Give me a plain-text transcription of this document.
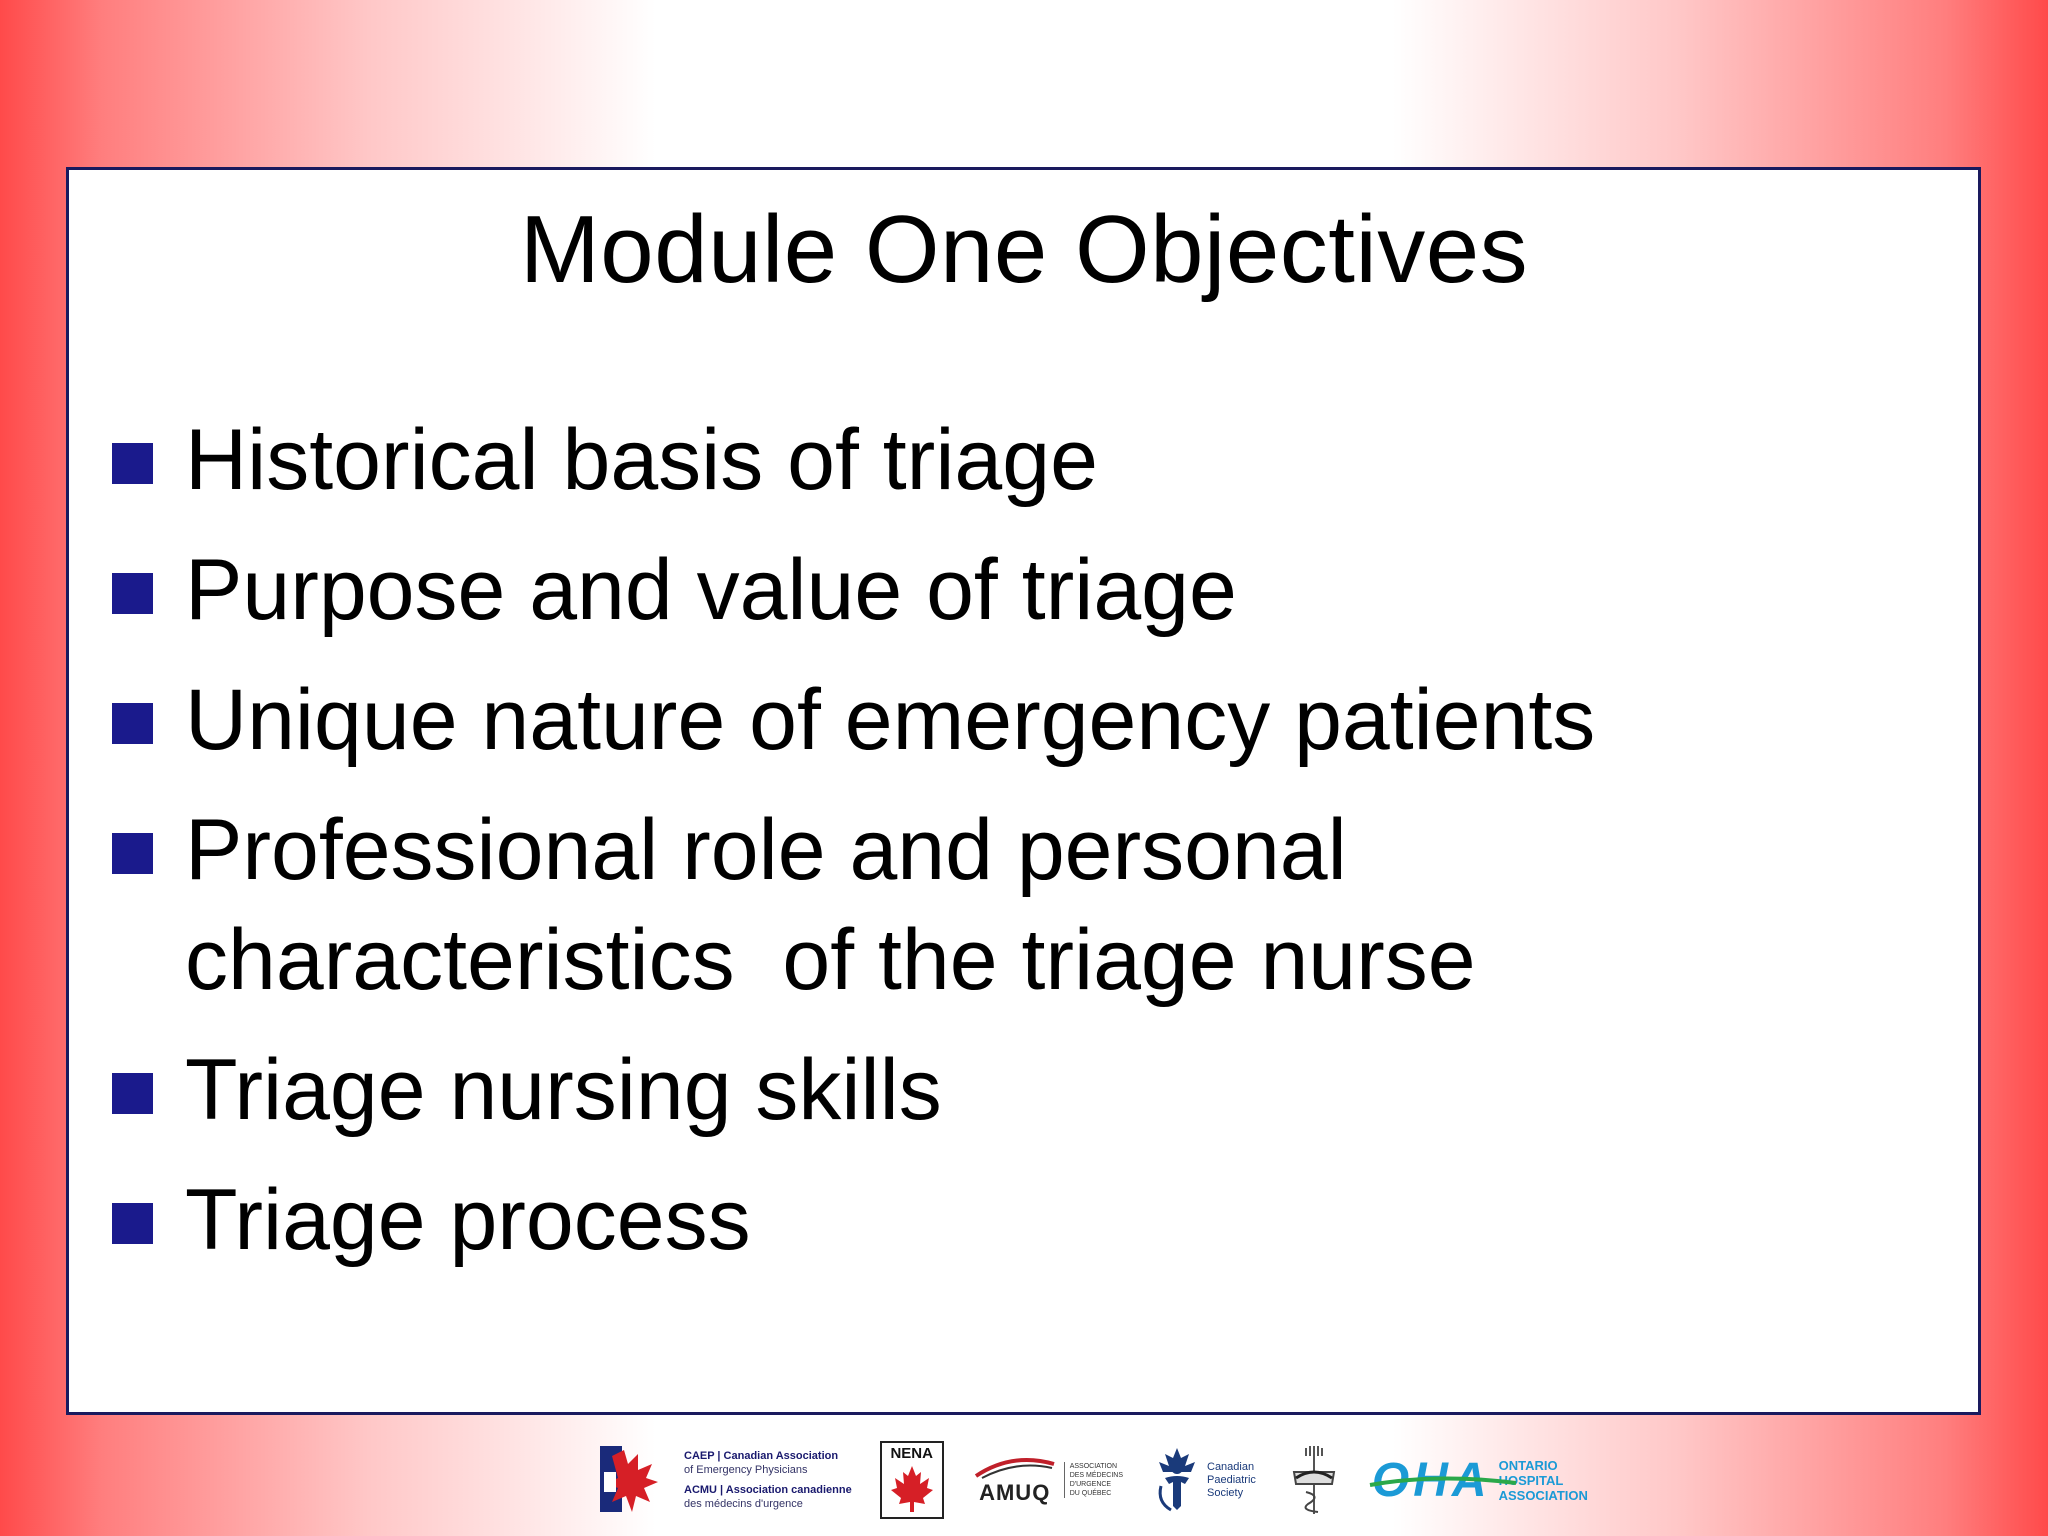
Module One Objectives
Historical basis of triage
Purpose and value of triage
Unique nature of emergency patients
Professional role and personal characteristics  of the triage nurse
Triage nursing skills
Triage process
CAEP | Canadian Association
of Emergency Physicians
ACMU | Association canadienne
des médecins d'urgence
NENA
AMUQ
ASSOCIATION
DES MÉDECINS
D'URGENCE
DU QUÉBEC
Canadian
Paediatric
Society	OHA ONTARIO
HOSPITAL
ASSOCIATION
